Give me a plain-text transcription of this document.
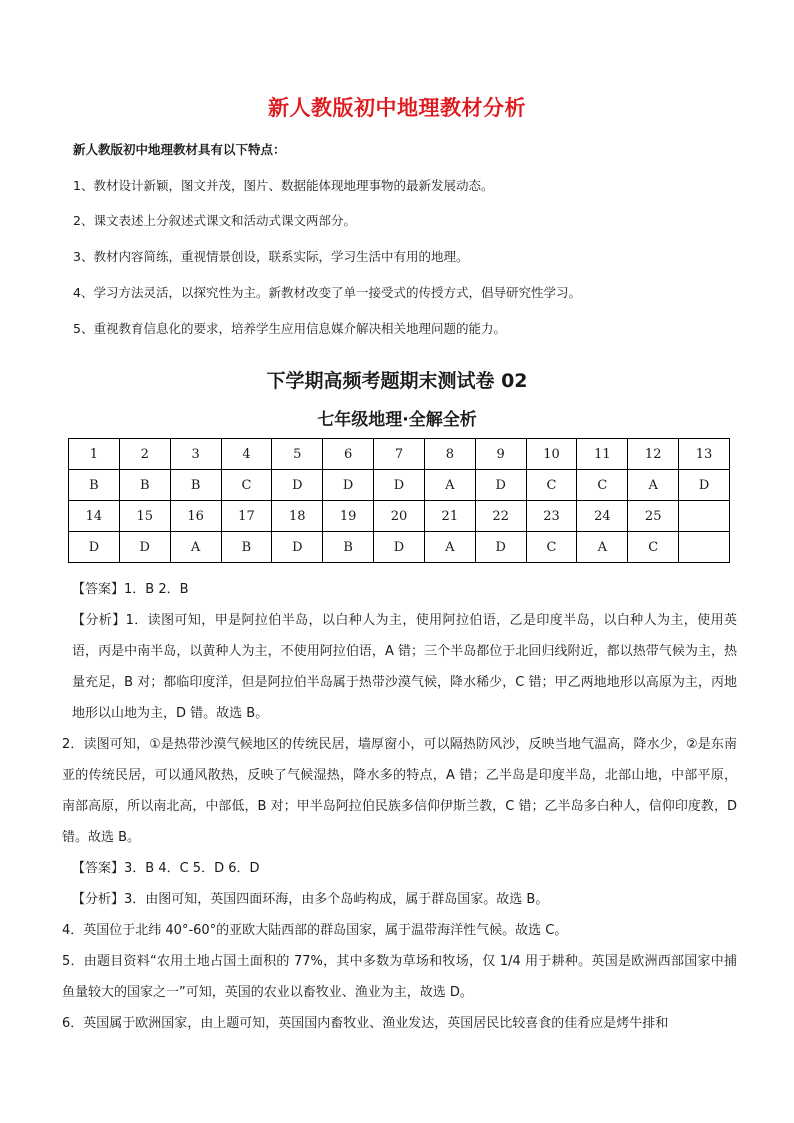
新人教版初中地理教材分析

新人教版初中地理教材具有以下特点：

1、教材设计新颖，图文并茂，图片、数据能体现地理事物的最新发展动态。

2、课文表述上分叙述式课文和活动式课文两部分。

3、教材内容简练，重视情景创设，联系实际，学习生活中有用的地理。

4、学习方法灵活，以探究性为主。新教材改变了单一接受式的传授方式，倡导研究性学习。

5、重视教育信息化的要求，培养学生应用信息媒介解决相关地理问题的能力。

下学期高频考题期末测试卷 02
七年级地理·全解全析
1	2	3	4	5	6	7	8	9	10	11	12	13
B	B	B	C	D	D	D	A	D	C	C	A	D
14	15	16	17	18	19	20	21	22	23	24	25	
D	D	A	B	D	B	D	A	D	C	A	C	

【答案】1．B 2．B

【分析】1．读图可知，甲是阿拉伯半岛，以白种人为主，使用阿拉伯语，乙是印度半岛，以白种人为主，使用英语，丙是中南半岛，以黄种人为主，不使用阿拉伯语，A 错；三个半岛都位于北回归线附近，都以热带气候为主，热量充足，B 对；都临印度洋，但是阿拉伯半岛属于热带沙漠气候，降水稀少，C 错；甲乙两地地形以高原为主，丙地地形以山地为主，D 错。故选 B。

2．读图可知，①是热带沙漠气候地区的传统民居，墙厚窗小，可以隔热防风沙，反映当地气温高，降水少，②是东南亚的传统民居，可以通风散热，反映了气候湿热，降水多的特点，A 错；乙半岛是印度半岛，北部山地，中部平原，南部高原，所以南北高，中部低，B 对；甲半岛阿拉伯民族多信仰伊斯兰教，C 错；乙半岛多白种人，信仰印度教，D 错。故选 B。

【答案】3．B 4．C 5．D 6．D

【分析】3．由图可知，英国四面环海，由多个岛屿构成，属于群岛国家。故选 B。

4．英国位于北纬 40°-60°的亚欧大陆西部的群岛国家，属于温带海洋性气候。故选 C。

5．由题目资料“农用土地占国土面积的 77%，其中多数为草场和牧场，仅 1/4 用于耕种。英国是欧洲西部国家中捕鱼量较大的国家之一”可知，英国的农业以畜牧业、渔业为主，故选 D。

6．英国属于欧洲国家，由上题可知，英国国内畜牧业、渔业发达，英国居民比较喜食的佳肴应是烤牛排和
